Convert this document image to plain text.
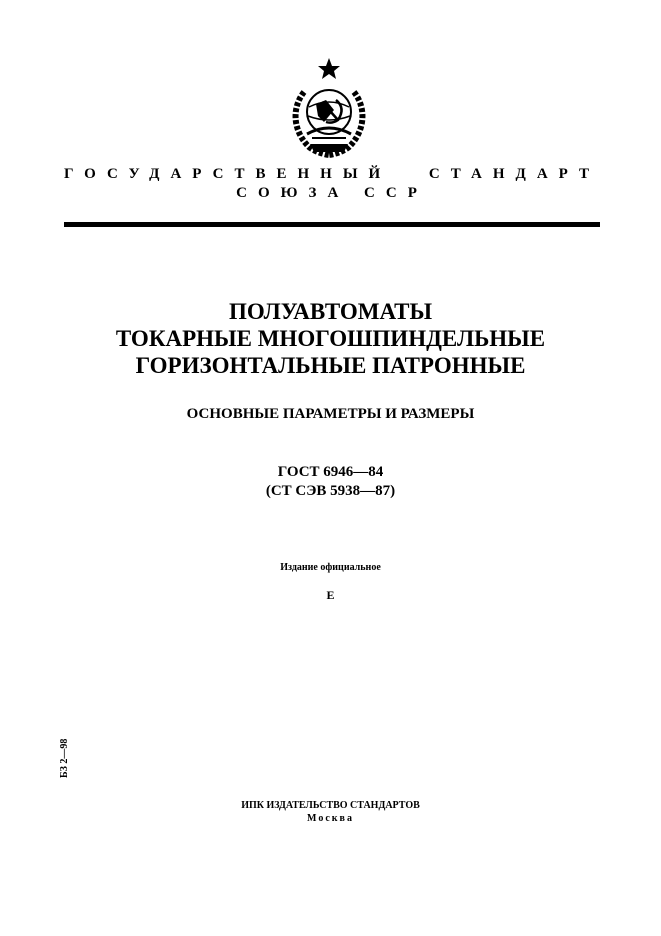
ГОСУДАРСТВЕННЫЙ	СТАНДАРТ
СОЮЗА ССР
ПОЛУАВТОМАТЫ
ТОКАРНЫЕ МНОГОШПИНДЕЛЬНЫЕ
ГОРИЗОНТАЛЬНЫЕ ПАТРОННЫЕ
ОСНОВНЫЕ ПАРАМЕТРЫ И РАЗМЕРЫ
ГОСТ 6946—84
(СТ СЭВ 5938—87)
Издание официальное
Е
БЗ 2—98
ИПК ИЗДАТЕЛЬСТВО СТАНДАРТОВ
Москва
